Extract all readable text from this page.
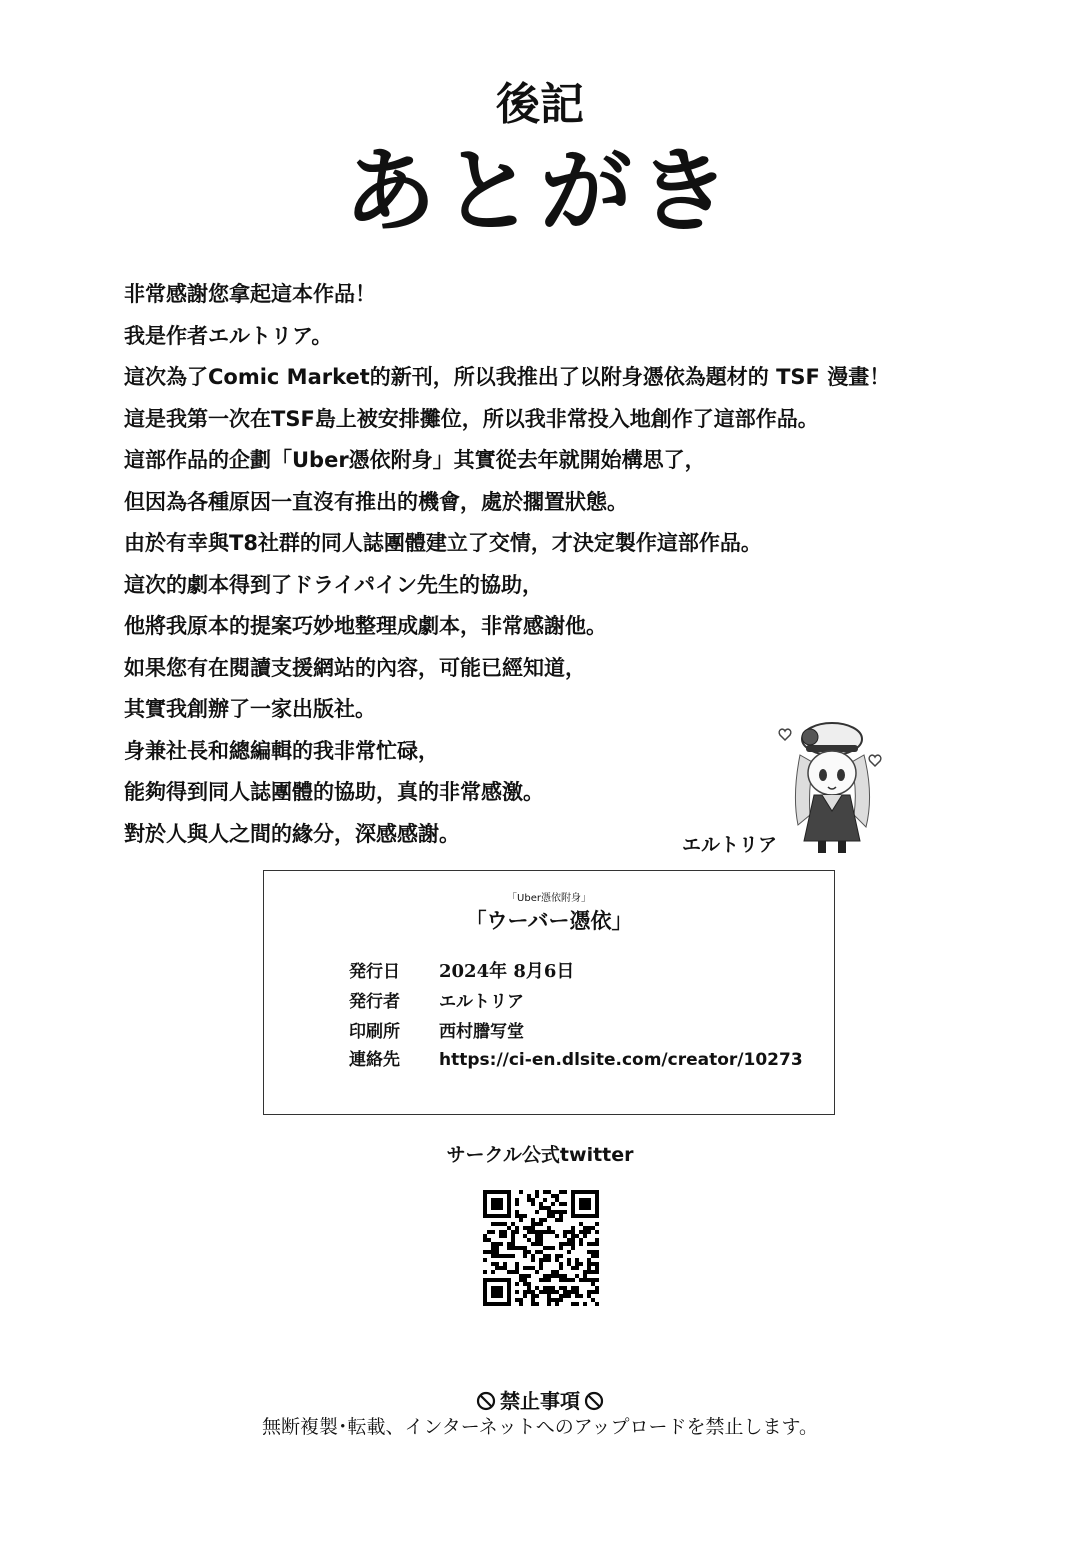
後記
あとがき
非常感謝您拿起這本作品！
我是作者エルトリア。
這次為了Comic Market的新刊，所以我推出了以附身憑依為題材的 TSF 漫畫！
這是我第一次在TSF島上被安排攤位，所以我非常投入地創作了這部作品。
這部作品的企劃「Uber憑依附身」其實從去年就開始構思了，
但因為各種原因一直沒有推出的機會，處於擱置狀態。
由於有幸與T8社群的同人誌團體建立了交情，才決定製作這部作品。
這次的劇本得到了ドライパイン先生的協助，
他將我原本的提案巧妙地整理成劇本，非常感謝他。
如果您有在閱讀支援網站的內容，可能已經知道，
其實我創辦了一家出版社。
身兼社長和總編輯的我非常忙碌，
能夠得到同人誌團體的協助，真的非常感激。
對於人與人之間的緣分，深感感謝。	エルトリア
「Uber憑依附身」
「ウーバー憑依」
発行日 2024年 8月6日
発行者 エルトリア
印刷所 西村謄写堂
連絡先 https://ci-en.dlsite.com/creator/10273
サークル公式twitter
禁止事項
無断複製･転載、インターネットへのアップロードを禁止します。
